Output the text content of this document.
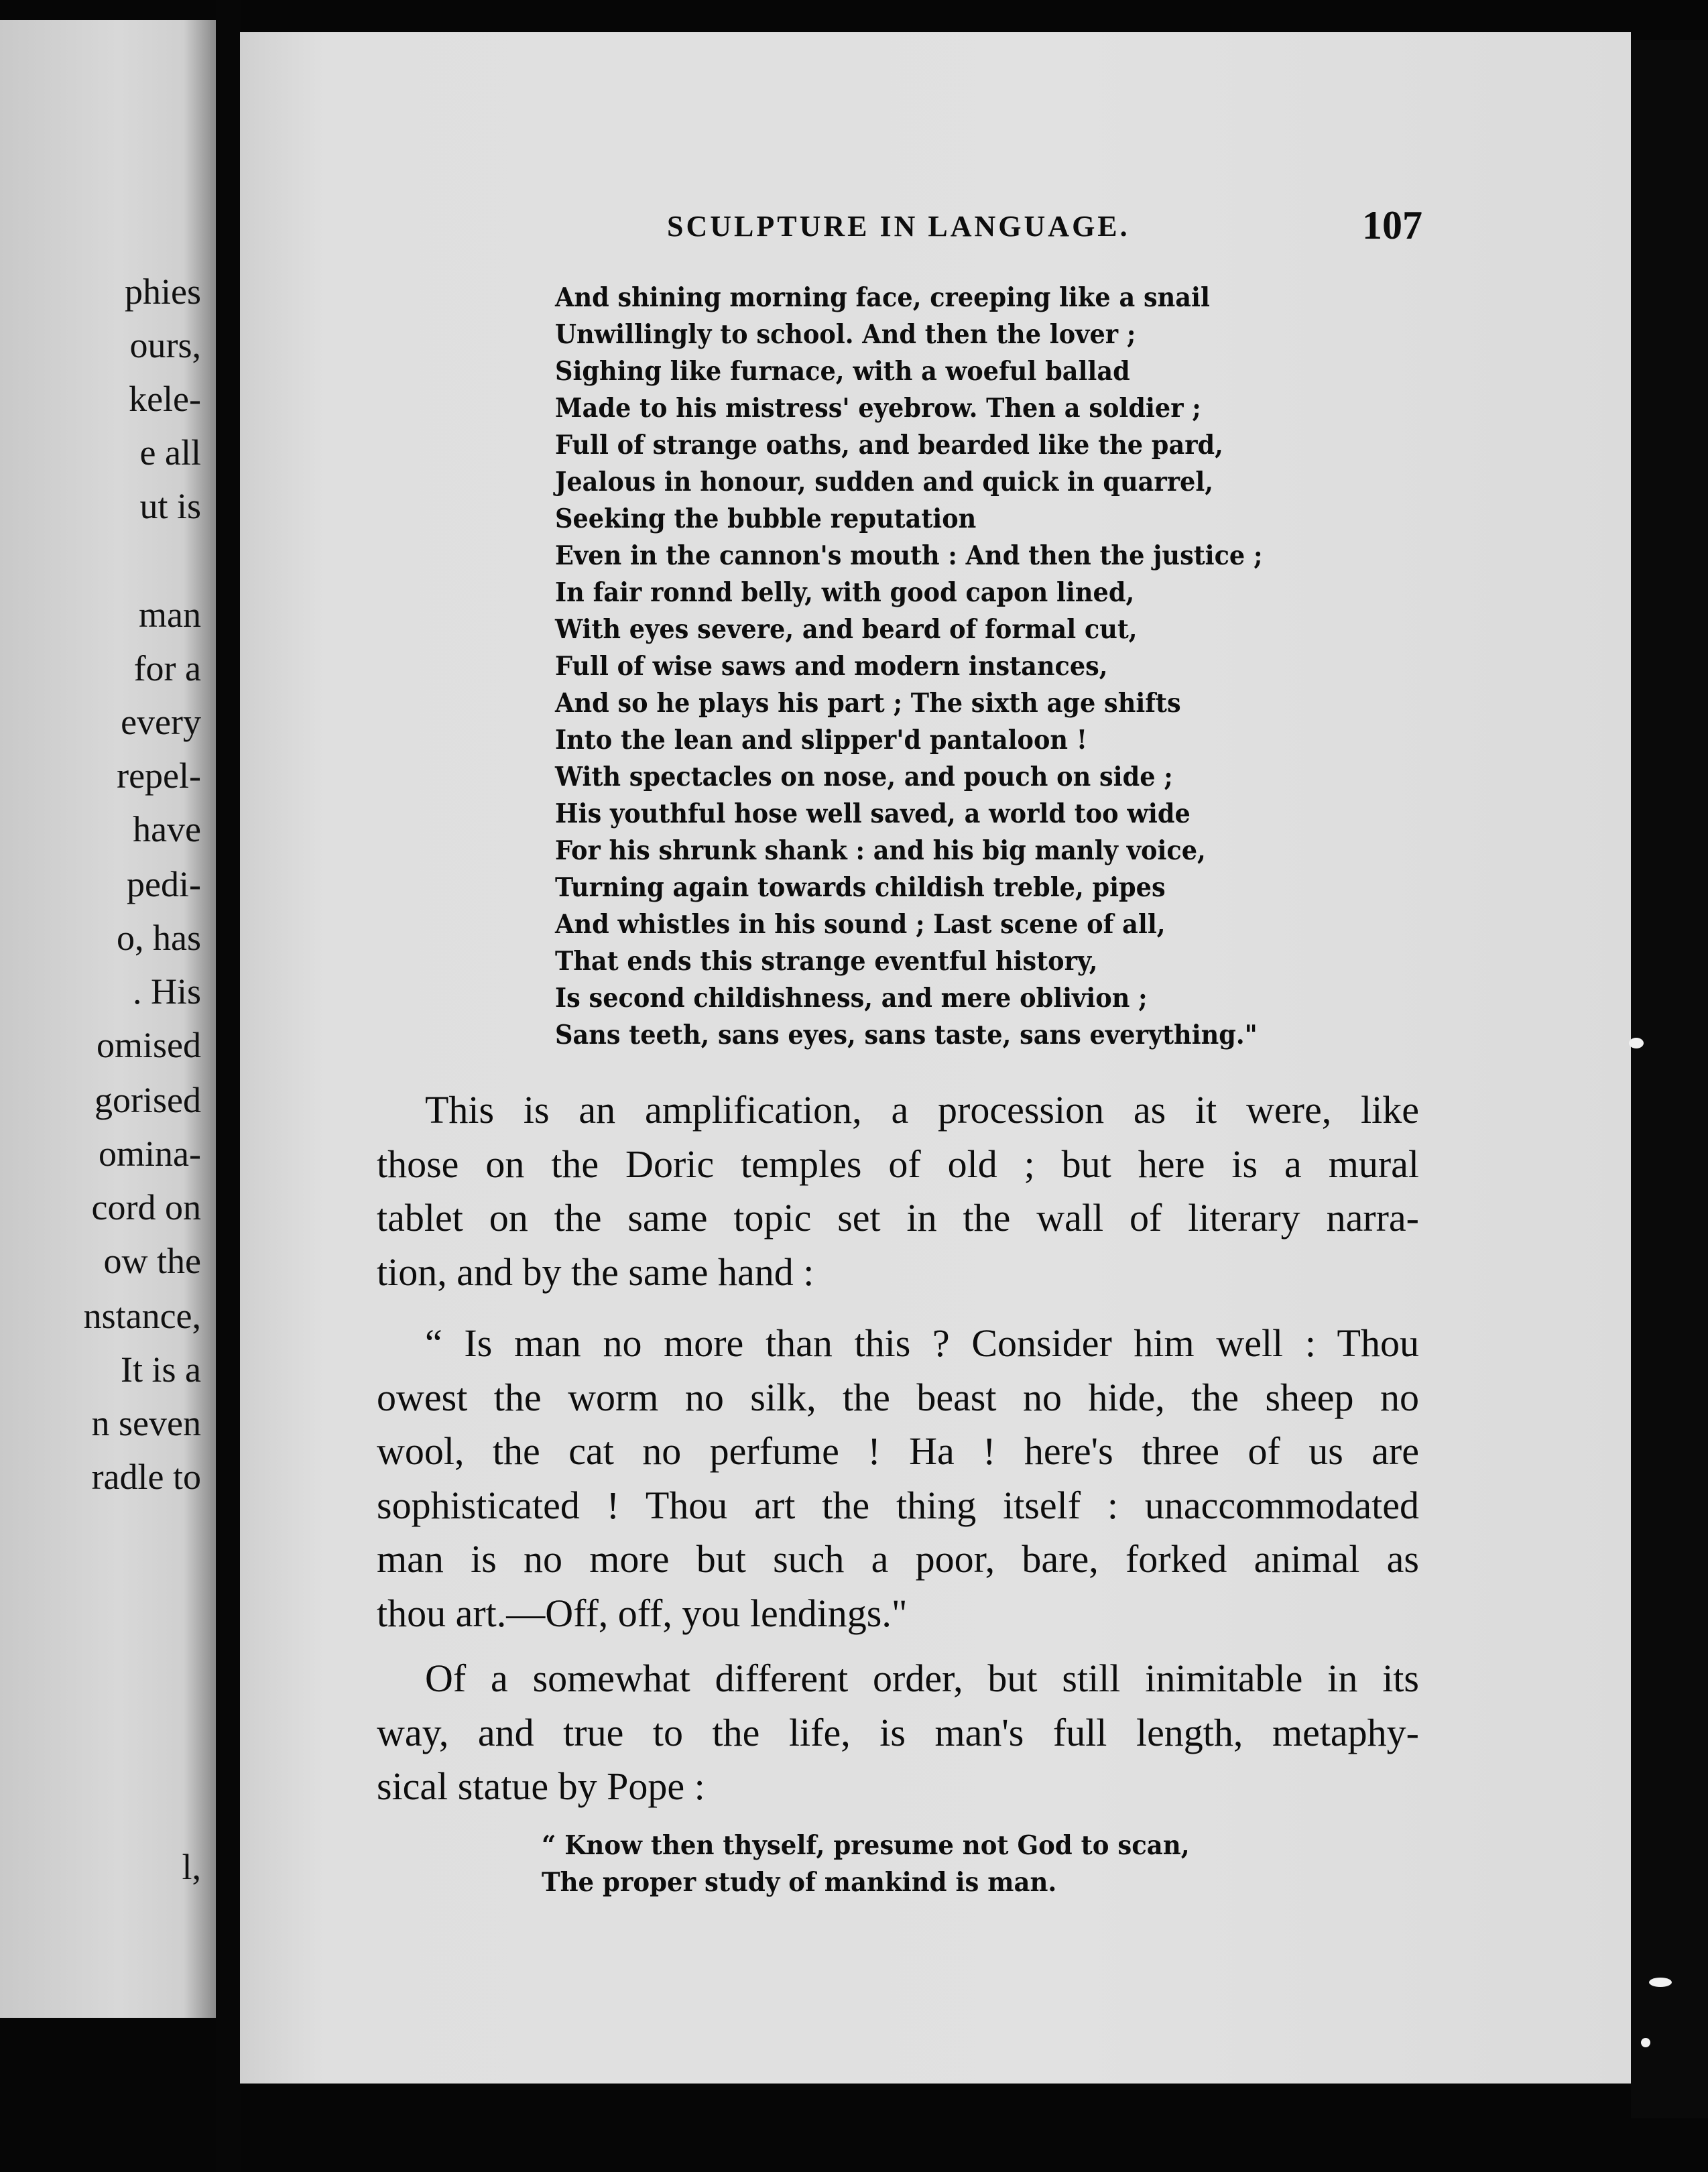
phies
ours,
kele-
e all
ut is
man
for a
every
repel-
have
pedi-
o, has
. His
omised
gorised
omina-
cord on
ow the
nstance,
It is a
n seven
radle to
l,
SCULPTURE IN LANGUAGE.	107
And shining morning face, creeping like a snail
Unwillingly to school. And then the lover ;
Sighing like furnace, with a woeful ballad
Made to his mistress' eyebrow. Then a soldier ;
Full of strange oaths, and bearded like the pard,
Jealous in honour, sudden and quick in quarrel,
Seeking the bubble reputation
Even in the cannon's mouth : And then the justice ;
In fair ronnd belly, with good capon lined,
With eyes severe, and beard of formal cut,
Full of wise saws and modern instances,
And so he plays his part ; The sixth age shifts
Into the lean and slipper'd pantaloon !
With spectacles on nose, and pouch on side ;
His youthful hose well saved, a world too wide
For his shrunk shank : and his big manly voice,
Turning again towards childish treble, pipes
And whistles in his sound ; Last scene of all,
That ends this strange eventful history,
Is second childishness, and mere oblivion ;
Sans teeth, sans eyes, sans taste, sans everything."
This is an amplification, a procession as it were, like
those on the Doric temples of old ; but here is a mural
tablet on the same topic set in the wall of literary narra-
tion, and by the same hand :
“ Is man no more than this ? Consider him well : Thou
owest the worm no silk, the beast no hide, the sheep no
wool, the cat no perfume ! Ha ! here's three of us are
sophisticated ! Thou art the thing itself : unaccommodated
man is no more but such a poor, bare, forked animal as
thou art.—Off, off, you lendings."
Of a somewhat different order, but still inimitable in its
way, and true to the life, is man's full length, metaphy-
sical statue by Pope :
“ Know then thyself, presume not God to scan,
The proper study of mankind is man.
